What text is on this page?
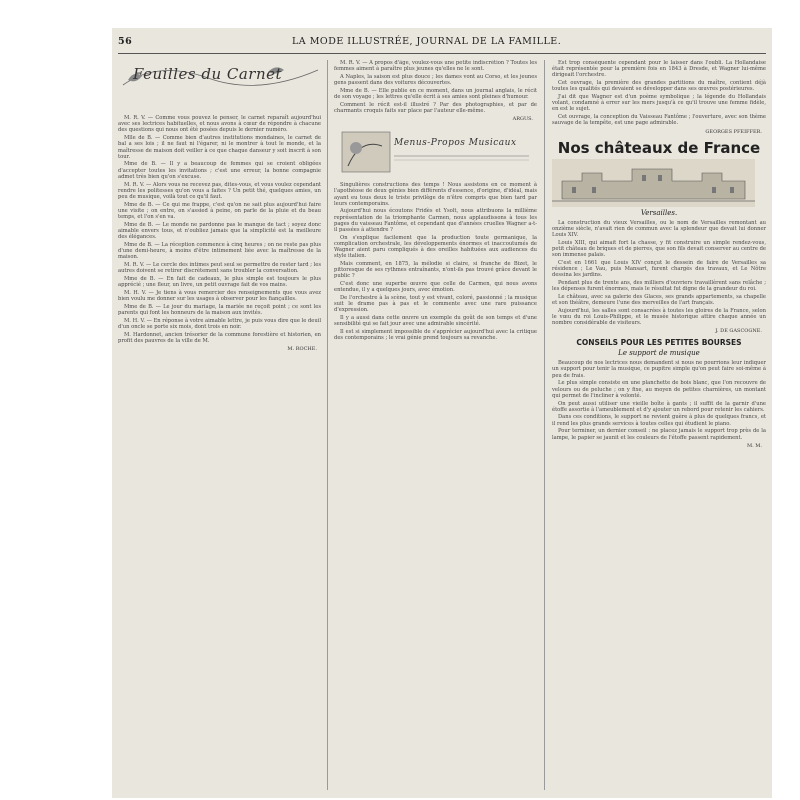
56	LA MODE ILLUSTRÉE, JOURNAL DE LA FAMILLE.
Feuilles du Carnet

M. R. V. — Comme vous pouvez le penser, le carnet reparaît aujourd'hui avec ses lectrices habituelles, et nous avons à cœur de répondre à chacune des questions qui nous ont été posées depuis le dernier numéro.

Mlle de B. — Comme bien d'autres institutions mondaines, le carnet de bal a ses lois ; il ne faut ni l'égarer, ni le montrer à tout le monde, et la maîtresse de maison doit veiller à ce que chaque danseur y soit inscrit à son tour.

Mme de B. — Il y a beaucoup de femmes qui se croient obligées d'accepter toutes les invitations ; c'est une erreur, la bonne compagnie admet très bien qu'on s'excuse.

M. R. V. — Alors vous ne recevez pas, dites-vous, et vous voulez cependant rendre les politesses qu'on vous a faites ? Un petit thé, quelques amies, un peu de musique, voilà tout ce qu'il faut.

Mme de B. — Ce qui me frappe, c'est qu'on ne sait plus aujourd'hui faire une visite ; on entre, on s'assied à peine, on parle de la pluie et du beau temps, et l'on s'en va.

Mme de B. — Le monde ne pardonne pas le manque de tact ; soyez donc aimable envers tous, et n'oubliez jamais que la simplicité est la meilleure des élégances.

Mme de B. — La réception commence à cinq heures ; on ne reste pas plus d'une demi-heure, à moins d'être intimement liée avec la maîtresse de la maison.

M. R. V. — Le cercle des intimes peut seul se permettre de rester tard ; les autres doivent se retirer discrètement sans troubler la conversation.

Mme de B. — En fait de cadeaux, le plus simple est toujours le plus apprécié ; une fleur, un livre, un petit ouvrage fait de vos mains.

M. H. V. — Je tiens à vous remercier des renseignements que vous avez bien voulu me donner sur les usages à observer pour les fiançailles.

Mme de B. — Le jour du mariage, la mariée ne reçoit point ; ce sont les parents qui font les honneurs de la maison aux invités.

M. H. V. — En réponse à votre aimable lettre, je puis vous dire que le deuil d'un oncle se porte six mois, dont trois en noir.

M. Hardonnet, ancien trésorier de la commune forestière et historien, en profit des pauvres de la ville de M.

M. ROCHE.

M. R. V. — A propos d'âge, voulez-vous une petite indiscrétion ? Toutes les femmes aiment à paraître plus jeunes qu'elles ne le sont.

A Naples, la saison est plus douce ; les dames vont au Corso, et les jeunes gens passent dans des voitures découvertes.

Mme de B. — Elle publie en ce moment, dans un journal anglais, le récit de son voyage ; les lettres qu'elle écrit à ses amies sont pleines d'humour.

Comment le récit est-il illustré ? Par des photographies, et par de charmants croquis faits sur place par l'auteur elle-même.

ARGUS.
Menus-Propos Musicaux

Singulières constructions des temps ! Nous assistons en ce moment à l'apothéose de deux génies bien différents d'essence, d'origine, d'idéal, mais ayant eu tous deux le triste privilège de n'être compris que bien tard par leurs contemporains.

Aujourd'hui nous écoutons Fridès et Ysolt, nous attribuons la millième représentation de la triomphante Carmen, nous applaudissons à tous les pages du vaisseau Fantôme, et cependant que d'années cruelles Wagner a-t-il passées à attendre ?

On s'explique facilement que la production toute germanique, la complication orchestrale, les développements énormes et inaccoutumés de Wagner aient paru compliqués à des oreilles habituées aux audiences du style italien.

Mais comment, en 1875, la mélodie si claire, si franche de Bizet, le pittoresque de ses rythmes entraînants, n'ont-ils pas trouvé grâce devant le public ?

C'est donc une superbe œuvre que celle de Carmen, qui nous avons entendue, il y a quelques jours, avec émotion.

De l'orchestre à la scène, tout y est vivant, coloré, passionné ; la musique suit le drame pas à pas et le commente avec une rare puissance d'expression.

Il y a aussi dans cette œuvre un exemple du goût de son temps et d'une sensibilité qui se fait jour avec une admirable sincérité.

Il est si simplement impossible de s'apprécier aujourd'hui avec la critique des contemporains ; le vrai génie prend toujours sa revanche.

Est trop conséquente cependant pour le laisser dans l'oubli. La Hollandaise était représentée pour la première fois en 1843 à Dresde, et Wagner lui-même dirigeait l'orchestre.

Cet ouvrage, la première des grandes partitions du maître, contient déjà toutes les qualités qui devaient se développer dans ses œuvres postérieures.

J'ai dit que Wagner est d'un poème symbolique ; la légende du Hollandais volant, condamné à errer sur les mers jusqu'à ce qu'il trouve une femme fidèle, en est le sujet.

Cet ouvrage, la conception du Vaisseau Fantôme ; l'ouverture, avec son thème sauvage de la tempête, est une page admirable.

GEORGES PFEIFFER.
Nos châteaux de France
Versailles.

La construction du vieux Versailles, ou le nom de Versailles remontant au onzième siècle, n'avait rien de commun avec la splendeur que devait lui donner Louis XIV.

Louis XIII, qui aimait fort la chasse, y fit construire un simple rendez-vous, petit château de briques et de pierres, que son fils devait conserver au centre de son immense palais.

C'est en 1661 que Louis XIV conçut le dessein de faire de Versailles sa résidence ; Le Vau, puis Mansart, furent chargés des travaux, et Le Nôtre dessina les jardins.

Pendant plus de trente ans, des milliers d'ouvriers travaillèrent sans relâche ; les dépenses furent énormes, mais le résultat fut digne de la grandeur du roi.

Le château, avec sa galerie des Glaces, ses grands appartements, sa chapelle et son théâtre, demeure l'une des merveilles de l'art français.

Aujourd'hui, les salles sont consacrées à toutes les gloires de la France, selon le vœu du roi Louis-Philippe, et le musée historique attire chaque année un nombre considérable de visiteurs.

J. DE GASCOGNE.
CONSEILS POUR LES PETITES BOURSES
Le support de musique

Beaucoup de nos lectrices nous demandent si nous ne pourrions leur indiquer un support pour tenir la musique, ce pupitre simple qu'on peut faire soi-même à peu de frais.

Le plus simple consiste en une planchette de bois blanc, que l'on recouvre de velours ou de peluche ; on y fixe, au moyen de petites charnières, un montant qui permet de l'incliner à volonté.

On peut aussi utiliser une vieille boîte à gants ; il suffit de la garnir d'une étoffe assortie à l'ameublement et d'y ajouter un rebord pour retenir les cahiers.

Dans ces conditions, le support ne revient guère à plus de quelques francs, et il rend les plus grands services à toutes celles qui étudient le piano.

Pour terminer, un dernier conseil : ne placez jamais le support trop près de la lampe, le papier se jaunit et les couleurs de l'étoffe passent rapidement.

M. M.
